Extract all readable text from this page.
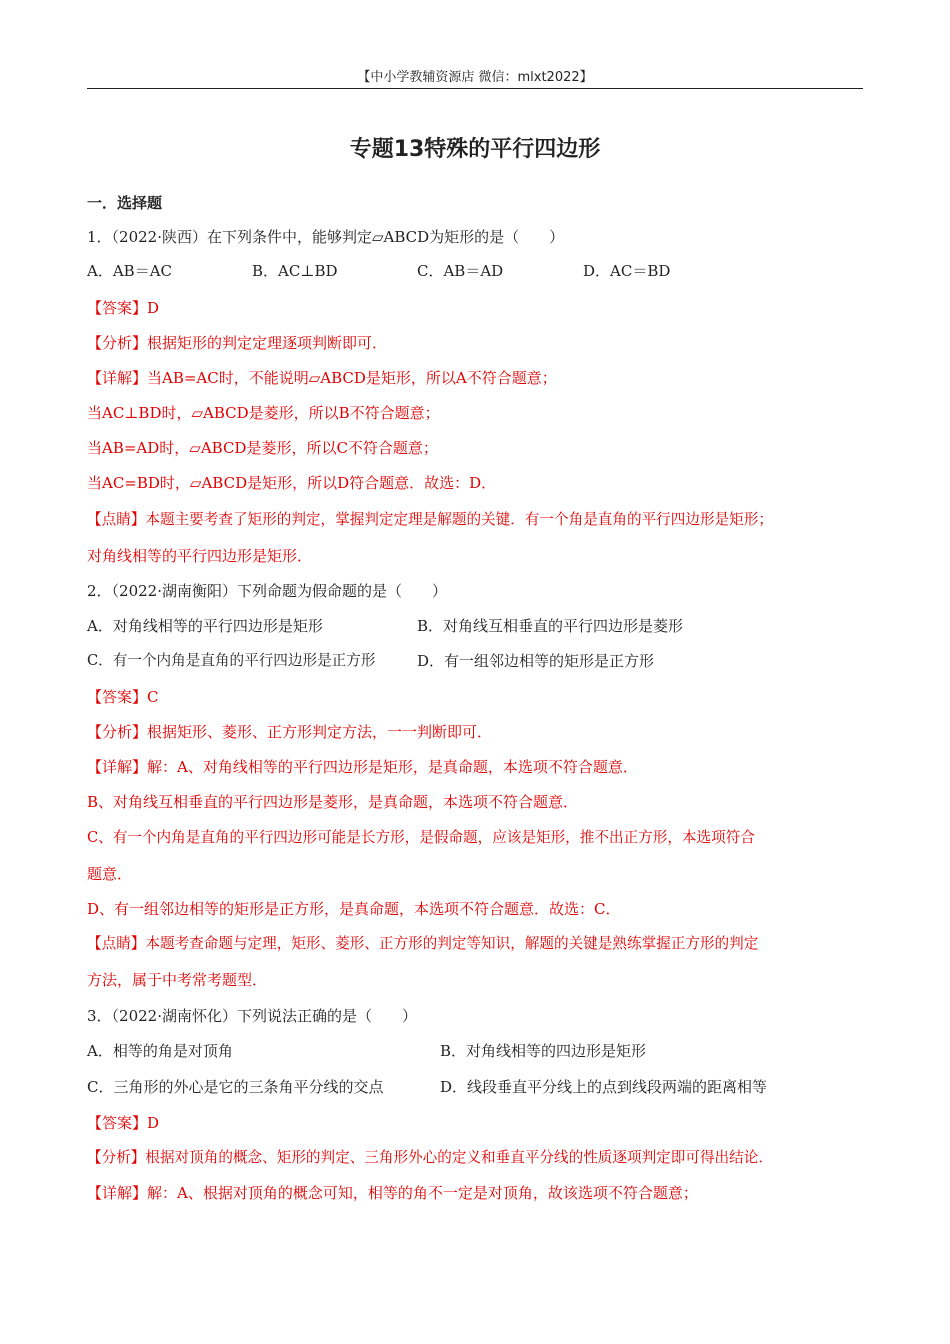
【中小学教辅资源店 微信：mlxt2022】
专题13特殊的平行四边形
一．选择题
1．（2022·陕西）在下列条件中，能够判定▱ABCD为矩形的是（　　）
A．AB＝AC	B．AC⊥BD	C．AB＝AD	D．AC＝BD
【答案】D
【分析】根据矩形的判定定理逐项判断即可．
【详解】当AB=AC时，不能说明▱ABCD是矩形，所以A不符合题意；
当AC⊥BD时，▱ABCD是菱形，所以B不符合题意；
当AB=AD时，▱ABCD是菱形，所以C不符合题意；
当AC=BD时，▱ABCD是矩形，所以D符合题意．故选：D．
【点睛】本题主要考查了矩形的判定，掌握判定定理是解题的关键．有一个角是直角的平行四边形是矩形；
对角线相等的平行四边形是矩形．
2．（2022·湖南衡阳）下列命题为假命题的是（　　）
A．对角线相等的平行四边形是矩形	B．对角线互相垂直的平行四边形是菱形
C．有一个内角是直角的平行四边形是正方形	D．有一组邻边相等的矩形是正方形
【答案】C
【分析】根据矩形、菱形、正方形判定方法，一一判断即可．
【详解】解：A、对角线相等的平行四边形是矩形，是真命题，本选项不符合题意．
B、对角线互相垂直的平行四边形是菱形，是真命题，本选项不符合题意．
C、有一个内角是直角的平行四边形可能是长方形，是假命题，应该是矩形，推不出正方形，本选项符合
题意．
D、有一组邻边相等的矩形是正方形，是真命题，本选项不符合题意．故选：C．
【点睛】本题考查命题与定理，矩形、菱形、正方形的判定等知识，解题的关键是熟练掌握正方形的判定
方法，属于中考常考题型．
3．（2022·湖南怀化）下列说法正确的是（　　）
A．相等的角是对顶角	B．对角线相等的四边形是矩形
C．三角形的外心是它的三条角平分线的交点	D．线段垂直平分线上的点到线段两端的距离相等
【答案】D
【分析】根据对顶角的概念、矩形的判定、三角形外心的定义和垂直平分线的性质逐项判定即可得出结论．
【详解】解：A、根据对顶角的概念可知，相等的角不一定是对顶角，故该选项不符合题意；
